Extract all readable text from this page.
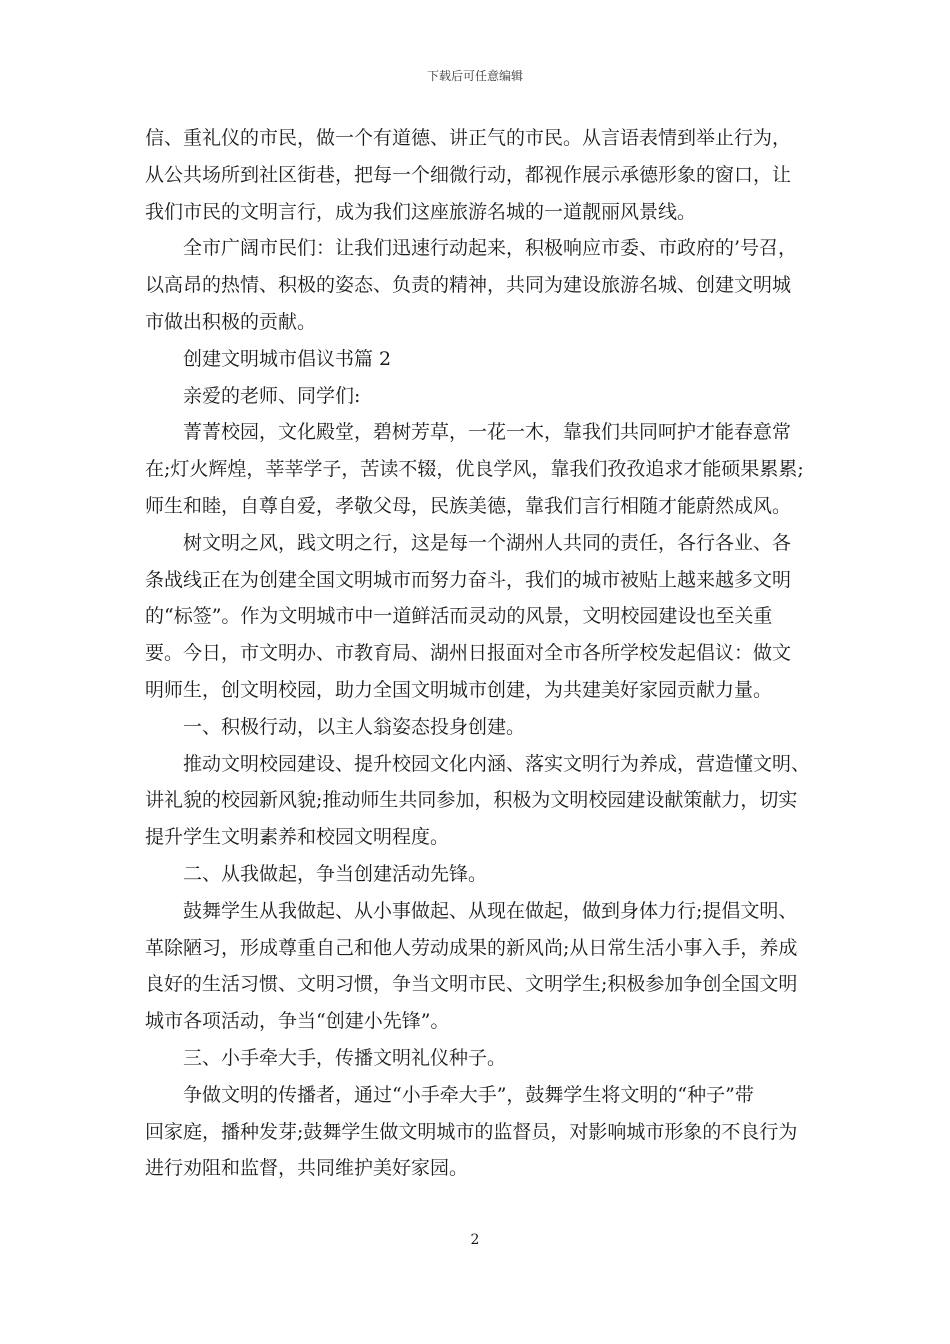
下载后可任意编辑
信、重礼仪的市民，做一个有道德、讲正气的市民。从言语表情到举止行为，
从公共场所到社区街巷，把每一个细微行动，都视作展示承德形象的窗口，让
我们市民的文明言行，成为我们这座旅游名城的一道靓丽风景线。
全市广阔市民们：让我们迅速行动起来，积极响应市委、市政府的’号召，
以高昂的热情、积极的姿态、负责的精神，共同为建设旅游名城、创建文明城
市做出积极的贡献。
创建文明城市倡议书篇 2
亲爱的老师、同学们:
菁菁校园，文化殿堂，碧树芳草，一花一木，靠我们共同呵护才能春意常
在;灯火辉煌，莘莘学子，苦读不辍，优良学风，靠我们孜孜追求才能硕果累累;
师生和睦，自尊自爱，孝敬父母，民族美德，靠我们言行相随才能蔚然成风。
树文明之风，践文明之行，这是每一个湖州人共同的责任，各行各业、各
条战线正在为创建全国文明城市而努力奋斗，我们的城市被贴上越来越多文明
的“标签”。作为文明城市中一道鲜活而灵动的风景，文明校园建设也至关重
要。今日，市文明办、市教育局、湖州日报面对全市各所学校发起倡议：做文
明师生，创文明校园，助力全国文明城市创建，为共建美好家园贡献力量。
一、积极行动，以主人翁姿态投身创建。
推动文明校园建设、提升校园文化内涵、落实文明行为养成，营造懂文明、
讲礼貌的校园新风貌;推动师生共同参加，积极为文明校园建设献策献力，切实
提升学生文明素养和校园文明程度。
二、从我做起，争当创建活动先锋。
鼓舞学生从我做起、从小事做起、从现在做起，做到身体力行;提倡文明、
革除陋习，形成尊重自己和他人劳动成果的新风尚;从日常生活小事入手，养成
良好的生活习惯、文明习惯，争当文明市民、文明学生;积极参加争创全国文明
城市各项活动，争当“创建小先锋”。
三、小手牵大手，传播文明礼仪种子。
争做文明的传播者，通过“小手牵大手”，鼓舞学生将文明的“种子”带
回家庭，播种发芽;鼓舞学生做文明城市的监督员，对影响城市形象的不良行为
进行劝阻和监督，共同维护美好家园。
2
